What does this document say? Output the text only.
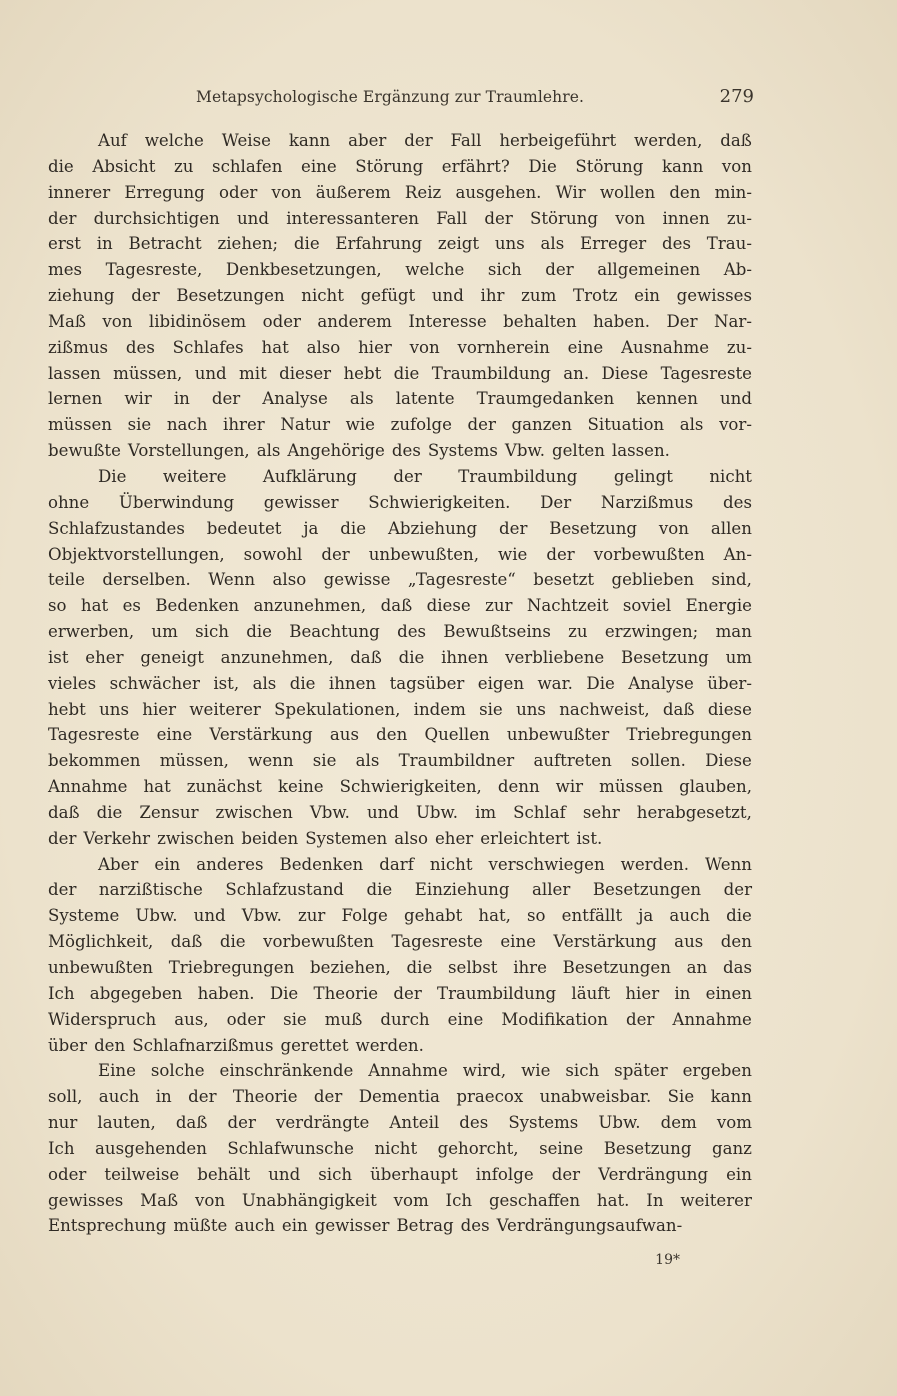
Metapsychologische Ergänzung zur Traumlehre.	279
Auf welche Weise kann aber der Fall herbeigeführt werden, daß
die Absicht zu schlafen eine Störung erfährt? Die Störung kann von
innerer Erregung oder von äußerem Reiz ausgehen. Wir wollen den min-
der durchsichtigen und interessanteren Fall der Störung von innen zu-
erst in Betracht ziehen; die Erfahrung zeigt uns als Erreger des Trau-
mes Tagesreste, Denkbesetzungen, welche sich der allgemeinen Ab-
ziehung der Besetzungen nicht gefügt und ihr zum Trotz ein gewisses
Maß von libidinösem oder anderem Interesse behalten haben. Der Nar-
zißmus des Schlafes hat also hier von vornherein eine Ausnahme zu-
lassen müssen, und mit dieser hebt die Traumbildung an. Diese Tagesreste
lernen wir in der Analyse als latente Traumgedanken kennen und
müssen sie nach ihrer Natur wie zufolge der ganzen Situation als vor-
bewußte Vorstellungen, als Angehörige des Systems Vbw. gelten lassen.
Die weitere Aufklärung der Traumbildung gelingt nicht
ohne Überwindung gewisser Schwierigkeiten. Der Narzißmus des
Schlafzustandes bedeutet ja die Abziehung der Besetzung von allen
Objektvorstellungen, sowohl der unbewußten, wie der vorbewußten An-
teile derselben. Wenn also gewisse „Tagesreste“ besetzt geblieben sind,
so hat es Bedenken anzunehmen, daß diese zur Nachtzeit soviel Energie
erwerben, um sich die Beachtung des Bewußtseins zu erzwingen; man
ist eher geneigt anzunehmen, daß die ihnen verbliebene Besetzung um
vieles schwächer ist, als die ihnen tagsüber eigen war. Die Analyse über-
hebt uns hier weiterer Spekulationen, indem sie uns nachweist, daß diese
Tagesreste eine Verstärkung aus den Quellen unbewußter Triebregungen
bekommen müssen, wenn sie als Traumbildner auftreten sollen. Diese
Annahme hat zunächst keine Schwierigkeiten, denn wir müssen glauben,
daß die Zensur zwischen Vbw. und Ubw. im Schlaf sehr herabgesetzt,
der Verkehr zwischen beiden Systemen also eher erleichtert ist.
Aber ein anderes Bedenken darf nicht verschwiegen werden. Wenn
der narzißtische Schlafzustand die Einziehung aller Besetzungen der
Systeme Ubw. und Vbw. zur Folge gehabt hat, so entfällt ja auch die
Möglichkeit, daß die vorbewußten Tagesreste eine Verstärkung aus den
unbewußten Triebregungen beziehen, die selbst ihre Besetzungen an das
Ich abgegeben haben. Die Theorie der Traumbildung läuft hier in einen
Widerspruch aus, oder sie muß durch eine Modifikation der Annahme
über den Schlafnarzißmus gerettet werden.
Eine solche einschränkende Annahme wird, wie sich später ergeben
soll, auch in der Theorie der Dementia praecox unabweisbar. Sie kann
nur lauten, daß der verdrängte Anteil des Systems Ubw. dem vom
Ich ausgehenden Schlafwunsche nicht gehorcht, seine Besetzung ganz
oder teilweise behält und sich überhaupt infolge der Verdrängung ein
gewisses Maß von Unabhängigkeit vom Ich geschaffen hat. In weiterer
Entsprechung müßte auch ein gewisser Betrag des Verdrängungsaufwan-
19*
